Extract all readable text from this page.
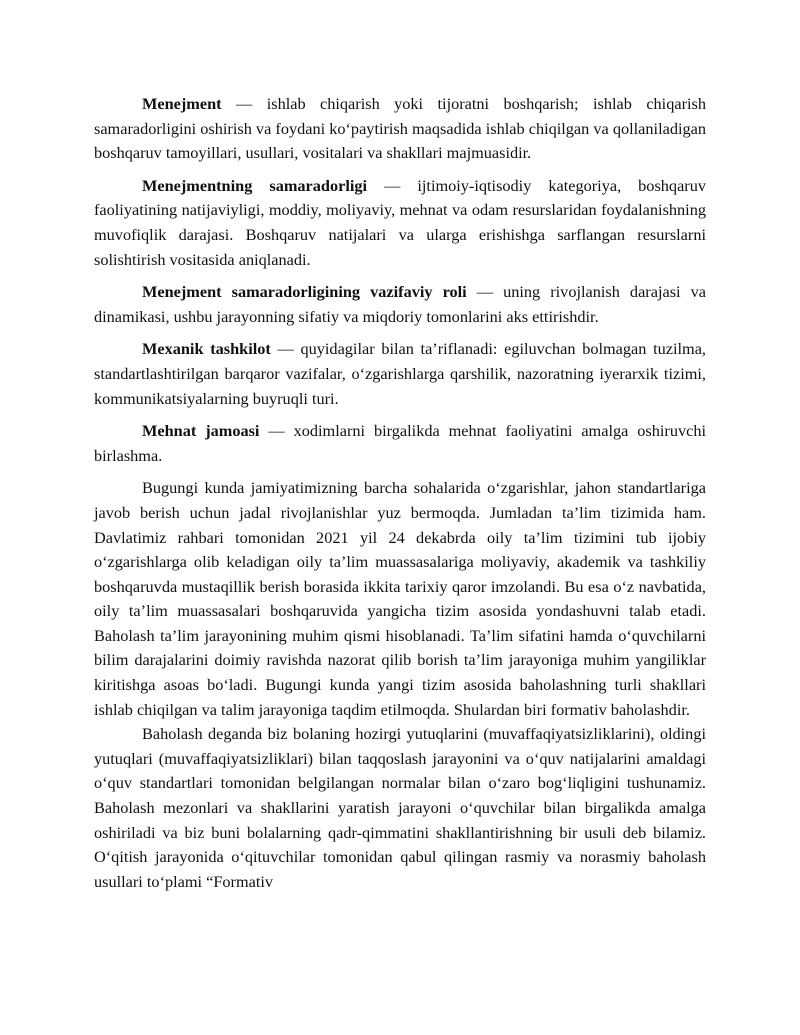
Menejment — ishlab chiqarish yoki tijoratni boshqarish; ishlab chiqarish samaradorligini oshirish va foydani ko‘paytirish maqsadida ishlab chiqilgan va qollaniladigan boshqaruv tamoyillari, usullari, vositalari va shakllari majmuasidir.

Menejmentning samaradorligi — ijtimoiy-iqtisodiy kategoriya, boshqaruv faoliyatining natijaviyligi, moddiy, moliyaviy, mehnat va odam resurslaridan foydalanishning muvofiqlik darajasi. Boshqaruv natijalari va ularga erishishga sarflangan resurslarni solishtirish vositasida aniqlanadi.

Menejment samaradorligining vazifaviy roli — uning rivojlanish darajasi va dinamikasi, ushbu jarayonning sifatiy va miqdoriy tomonlarini aks ettirishdir.

Mexanik tashkilot — quyidagilar bilan ta’riflanadi: egiluvchan bolmagan tuzilma, standartlashtirilgan barqaror vazifalar, o‘zgarishlarga qarshilik, nazoratning iyerarxik tizimi, kommunikatsiyalarning buyruqli turi.

Mehnat jamoasi — xodimlarni birgalikda mehnat faoliyatini amalga oshiruvchi birlashma.

Bugungi kunda jamiyatimizning barcha sohalarida o‘zgarishlar, jahon standartlariga javob berish uchun jadal rivojlanishlar yuz bermoqda. Jumladan ta’lim tizimida ham. Davlatimiz rahbari tomonidan 2021 yil 24 dekabrda oily ta’lim tizimini tub ijobiy o‘zgarishlarga olib keladigan oily ta’lim muassasalariga moliyaviy, akademik va tashkiliy boshqaruvda mustaqillik berish borasida ikkita tarixiy qaror imzolandi. Bu esa o‘z navbatida, oily ta’lim muassasalari boshqaruvida yangicha tizim asosida yondashuvni talab etadi. Baholash ta’lim jarayonining muhim qismi hisoblanadi. Ta’lim sifatini hamda o‘quvchilarni bilim darajalarini doimiy ravishda nazorat qilib borish ta’lim jarayoniga muhim yangiliklar kiritishga asoas bo‘ladi. Bugungi kunda yangi tizim asosida baholashning turli shakllari ishlab chiqilgan va talim jarayoniga taqdim etilmoqda. Shulardan biri formativ baholashdir.

Baholash deganda biz bolaning hozirgi yutuqlarini (muvaffaqiyatsizliklarini), oldingi yutuqlari (muvaffaqiyatsizliklari) bilan taqqoslash jarayonini va o‘quv natijalarini amaldagi o‘quv standartlari tomonidan belgilangan normalar bilan o‘zaro bog‘liqligini tushunamiz. Baholash mezonlari va shakllarini yaratish jarayoni o‘quvchilar bilan birgalikda amalga oshiriladi va biz buni bolalarning qadr-qimmatini shakllantirishning bir usuli deb bilamiz. O‘qitish jarayonida o‘qituvchilar tomonidan qabul qilingan rasmiy va norasmiy baholash usullari to‘plami “Formativ
